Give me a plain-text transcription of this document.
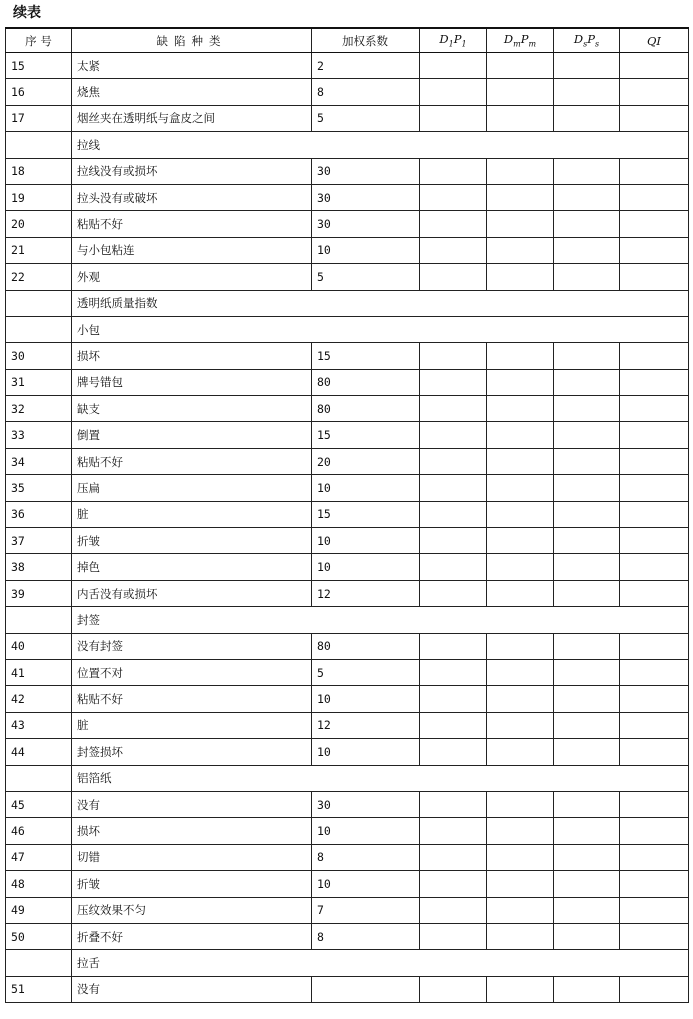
续表
序 号	缺陷种类	加权系数	$D_1P_1$	$D_mP_m$	$D_sP_s$	QI
15	太紧	2				
16	烧焦	8				
17	烟丝夹在透明纸与盒皮之间	5				
	拉线					
18	拉线没有或损坏	30				
19	拉头没有或破坏	30				
20	粘贴不好	30				
21	与小包粘连	10				
22	外观	5				
	透明纸质量指数					
	小包					
30	损坏	15				
31	牌号错包	80				
32	缺支	80				
33	倒置	15				
34	粘贴不好	20				
35	压扁	10				
36	脏	15				
37	折皱	10				
38	掉色	10				
39	内舌没有或损坏	12				
	封签					
40	没有封签	80				
41	位置不对	5				
42	粘贴不好	10				
43	脏	12				
44	封签损坏	10				
	铝箔纸					
45	没有	30				
46	损坏	10				
47	切错	8				
48	折皱	10				
49	压纹效果不匀	7				
50	折叠不好	8				
	拉舌					
51	没有					
